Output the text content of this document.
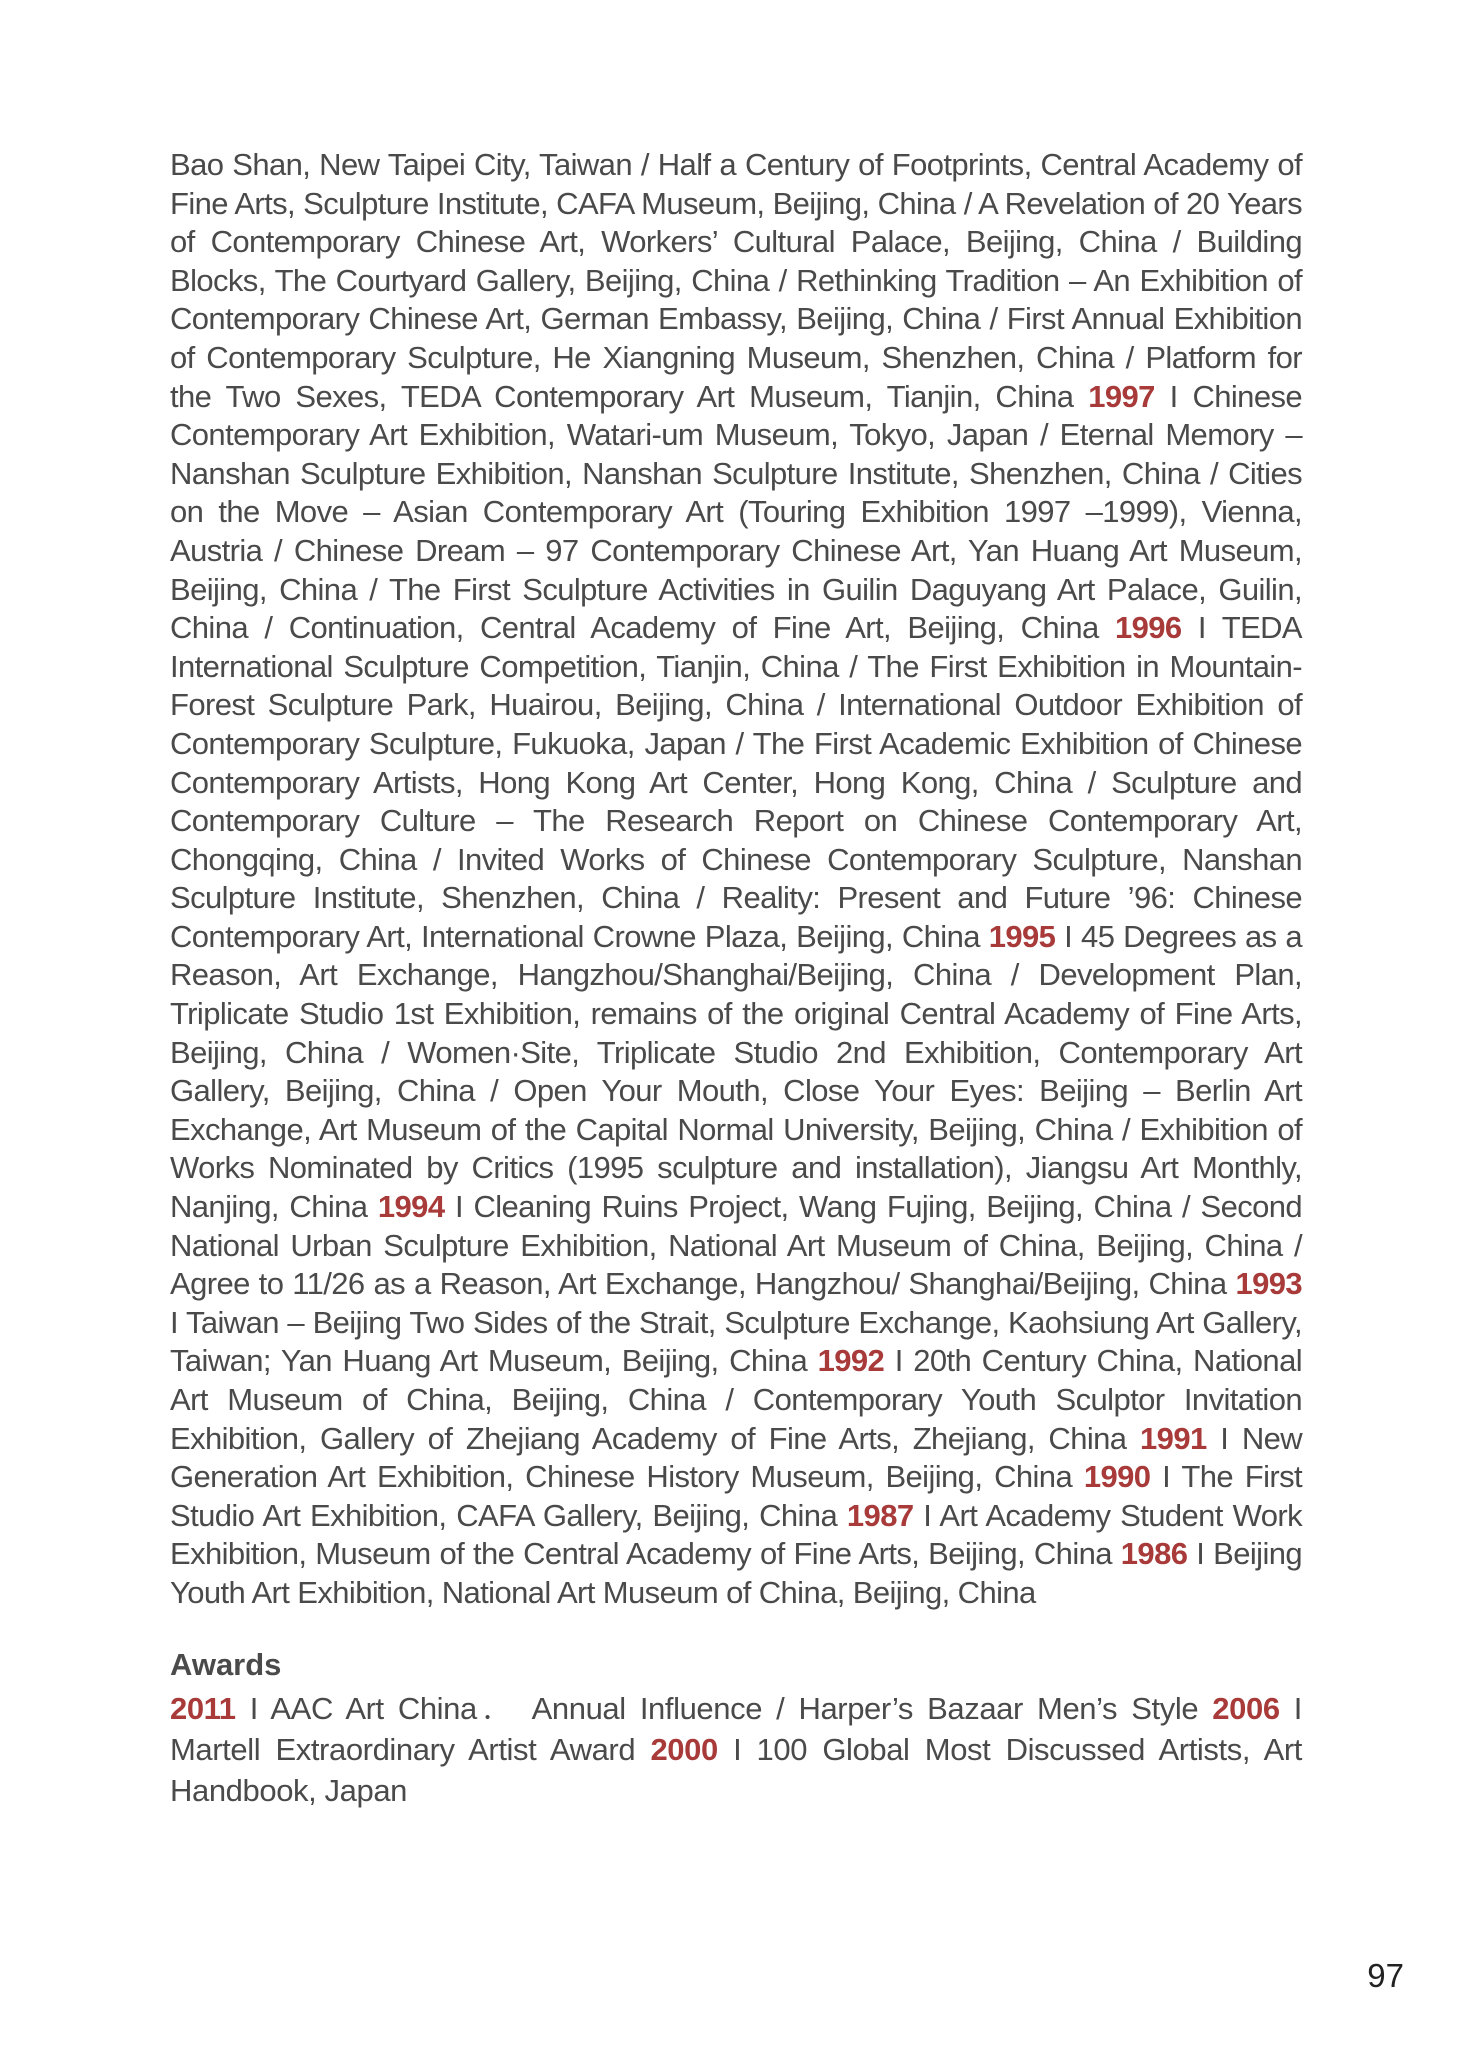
Bao Shan, New Taipei City, Taiwan / Half a Century of Footprints, Central Academy of Fine Arts, Sculpture Institute, CAFA Museum, Beijing, China / A Revelation of 20 Years of Contemporary Chinese Art, Workers’ Cultural Palace, Beijing, China / Building Blocks, The Courtyard Gallery, Beijing, China / Rethinking Tradition – An Exhibition of Contemporary Chinese Art, German Embassy, Beijing, China / First Annual Exhibition of Contemporary Sculpture, He Xiangning Museum, Shenzhen, China / Platform for the Two Sexes, TEDA Contemporary Art Museum, Tianjin, China 1997 I Chinese Contemporary Art Exhibition, Watari-um Museum, Tokyo, Japan / Eternal Memory – Nanshan Sculpture Exhibition, Nanshan Sculpture Institute, Shenzhen, China / Cities on the Move – Asian Contemporary Art (Touring Exhibition 1997 –1999), Vienna, Austria / Chinese Dream – 97 Contemporary Chinese Art, Yan Huang Art Museum, Beijing, China / The First Sculpture Activities in Guilin Daguyang Art Palace, Guilin, China / Continuation, Central Academy of Fine Art, Beijing, China 1996 I TEDA International Sculpture Competition, Tianjin, China / The First Exhibition in Mountain-Forest Sculpture Park, Huairou, Beijing, China / International Outdoor Exhibition of Contemporary Sculpture, Fukuoka, Japan / The First Academic Exhibition of Chinese Contemporary Artists, Hong Kong Art Center, Hong Kong, China / Sculpture and Contemporary Culture – The Research Report on Chinese Contemporary Art, Chongqing, China / Invited Works of Chinese Contemporary Sculpture, Nanshan Sculpture Institute, Shenzhen, China / Reality: Present and Future ’96: Chinese Contemporary Art, International Crowne Plaza, Beijing, China 1995 I 45 Degrees as a Reason, Art Exchange, Hangzhou/Shanghai/Beijing, China / Development Plan, Triplicate Studio 1st Exhibition, remains of the original Central Academy of Fine Arts, Beijing, China / Women·Site, Triplicate Studio 2nd Exhibition, Contemporary Art Gallery, Beijing, China / Open Your Mouth, Close Your Eyes: Beijing – Berlin Art Exchange, Art Museum of the Capital Normal University, Beijing, China / Exhibition of Works Nominated by Critics (1995 sculpture and installation), Jiangsu Art Monthly, Nanjing, China 1994 I Cleaning Ruins Project, Wang Fujing, Beijing, China / Second National Urban Sculpture Exhibition, National Art Museum of China, Beijing, China / Agree to 11/26 as a Reason, Art Exchange, Hangzhou/ Shanghai/Beijing, China 1993 I Taiwan – Beijing Two Sides of the Strait, Sculpture Exchange, Kaohsiung Art Gallery, Taiwan; Yan Huang Art Museum, Beijing, China 1992 I 20th Century China, National Art Museum of China, Beijing, China / Contemporary Youth Sculptor Invitation Exhibition, Gallery of Zhejiang Academy of Fine Arts, Zhejiang, China 1991 I New Generation Art Exhibition, Chinese History Museum, Beijing, China 1990 I The First Studio Art Exhibition, CAFA Gallery, Beijing, China 1987 I Art Academy Student Work Exhibition, Museum of the Central Academy of Fine Arts, Beijing, China 1986 I Beijing Youth Art Exhibition, National Art Museum of China, Beijing, China

Awards

2011 I AAC Art China． Annual Influence / Harper’s Bazaar Men’s Style 2006 I Martell Extraordinary Artist Award 2000 I 100 Global Most Discussed Artists, Art Handbook, Japan

97
